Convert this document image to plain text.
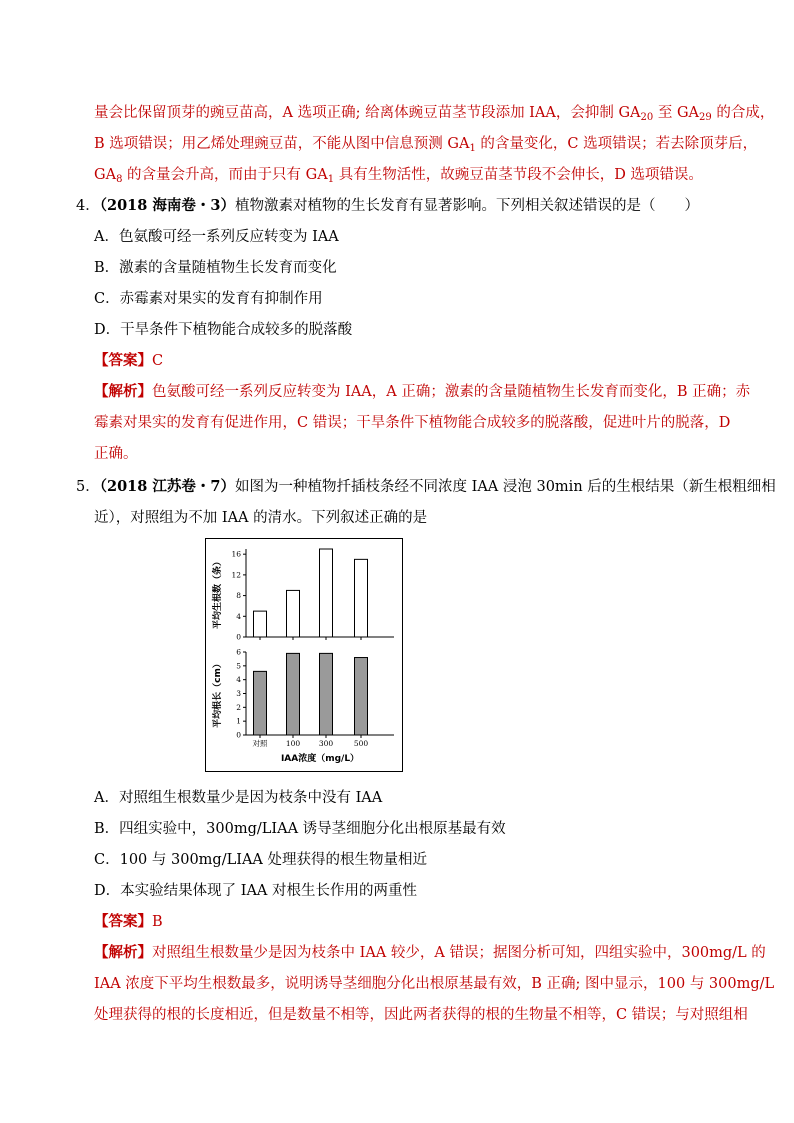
量会比保留顶芽的豌豆苗高，A 选项正确; 给离体豌豆苗茎节段添加 IAA，会抑制 $GA_{20}$ 至 $GA_{29}$ 的合成，
B 选项错误；用乙烯处理豌豆苗，不能从图中信息预测 $GA_1$ 的含量变化，C 选项错误；若去除顶芽后，
$GA_8$ 的含量会升高，而由于只有 $GA_1$ 具有生物活性，故豌豆苗茎节段不会伸长，D 选项错误。
4．（2018 海南卷・3）植物激素对植物的生长发育有显著影响。下列相关叙述错误的是（　　）
A．色氨酸可经一系列反应转变为 IAA
B．激素的含量随植物生长发育而变化
C．赤霉素对果实的发育有抑制作用
D．干旱条件下植物能合成较多的脱落酸
【答案】C
【解析】色氨酸可经一系列反应转变为 IAA，A 正确；激素的含量随植物生长发育而变化，B 正确；赤
霉素对果实的发育有促进作用，C 错误；干旱条件下植物能合成较多的脱落酸，促进叶片的脱落，D
正确。
5．（2018 江苏卷・7）如图为一种植物扦插枝条经不同浓度 IAA 浸泡 30min 后的生根结果（新生根粗细相
近），对照组为不加 IAA 的清水。下列叙述正确的是
0
4
8
12
16
平均生根数（条）
0
1
2
3
4
5
6
平均根长（cm）
对照 100 300	500
IAA浓度（mg/L）
A．对照组生根数量少是因为枝条中没有 IAA
B．四组实验中，300mg/LIAA 诱导茎细胞分化出根原基最有效
C．100 与 300mg/LIAA 处理获得的根生物量相近
D．本实验结果体现了 IAA 对根生长作用的两重性
【答案】B
【解析】对照组生根数量少是因为枝条中 IAA 较少，A 错误；据图分析可知，四组实验中，300mg/L 的
IAA 浓度下平均生根数最多，说明诱导茎细胞分化出根原基最有效，B 正确; 图中显示，100 与 300mg/L
处理获得的根的长度相近，但是数量不相等，因此两者获得的根的生物量不相等，C 错误；与对照组相
